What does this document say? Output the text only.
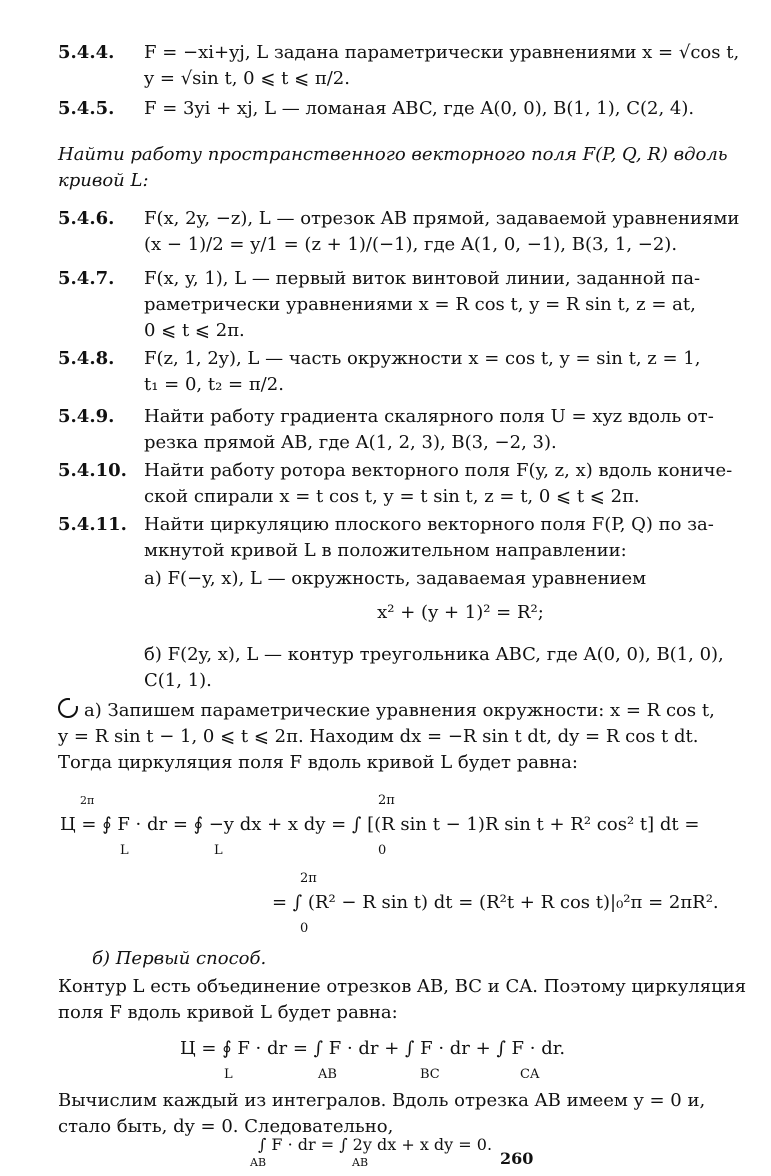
5.4.4. F = −xi+yj, L задана параметрически уравнениями x = √cos t,
y = √sin t, 0 ⩽ t ⩽ π/2.
5.4.5. F = 3yi + xj, L — ломаная ABC, где A(0, 0), B(1, 1), C(2, 4).
Найти работу пространственного векторного поля F(P, Q, R) вдоль
кривой L:
5.4.6. F(x, 2y, −z), L — отрезок AB прямой, задаваемой уравнениями
(x − 1)/2 = y/1 = (z + 1)/(−1), где A(1, 0, −1), B(3, 1, −2).
5.4.7. F(x, y, 1), L — первый виток винтовой линии, заданной па-
раметрически уравнениями x = R cos t, y = R sin t, z = at,
0 ⩽ t ⩽ 2π.
5.4.8. F(z, 1, 2y), L — часть окружности x = cos t, y = sin t, z = 1,
t₁ = 0, t₂ = π/2.
5.4.9. Найти работу градиента скалярного поля U = xyz вдоль от-
резка прямой AB, где A(1, 2, 3), B(3, −2, 3).
5.4.10. Найти работу ротора векторного поля F(y, z, x) вдоль кониче-
ской спирали x = t cos t, y = t sin t, z = t, 0 ⩽ t ⩽ 2π.
5.4.11. Найти циркуляцию плоского векторного поля F(P, Q) по за-
мкнутой кривой L в положительном направлении:
а) F(−y, x), L — окружность, задаваемая уравнением
x² + (y + 1)² = R²;
б) F(2y, x), L — контур треугольника ABC, где A(0, 0), B(1, 0),
C(1, 1).
а) Запишем параметрические уравнения окружности: x = R cos t,
y = R sin t − 1, 0 ⩽ t ⩽ 2π. Находим dx = −R sin t dt, dy = R cos t dt.
Тогда циркуляция поля F вдоль кривой L будет равна:
2π	2π
Ц = ∮ F · dr = ∮ −y dx + x dy = ∫ [(R sin t − 1)R sin t + R² cos² t] dt =
L	L	0
2π
= ∫ (R² − R sin t) dt = (R²t + R cos t)|₀²π = 2πR².
0
б) Первый способ.
Контур L есть объединение отрезков AB, BC и CA. Поэтому циркуляция
поля F вдоль кривой L будет равна:
Ц = ∮ F · dr = ∫ F · dr + ∫ F · dr + ∫ F · dr.
L	AB	BC	CA
Вычислим каждый из интегралов. Вдоль отрезка AB имеем y = 0 и,
стало быть, dy = 0. Следовательно,
∫ F · dr = ∫ 2y dx + x dy = 0.
AB	AB	260
